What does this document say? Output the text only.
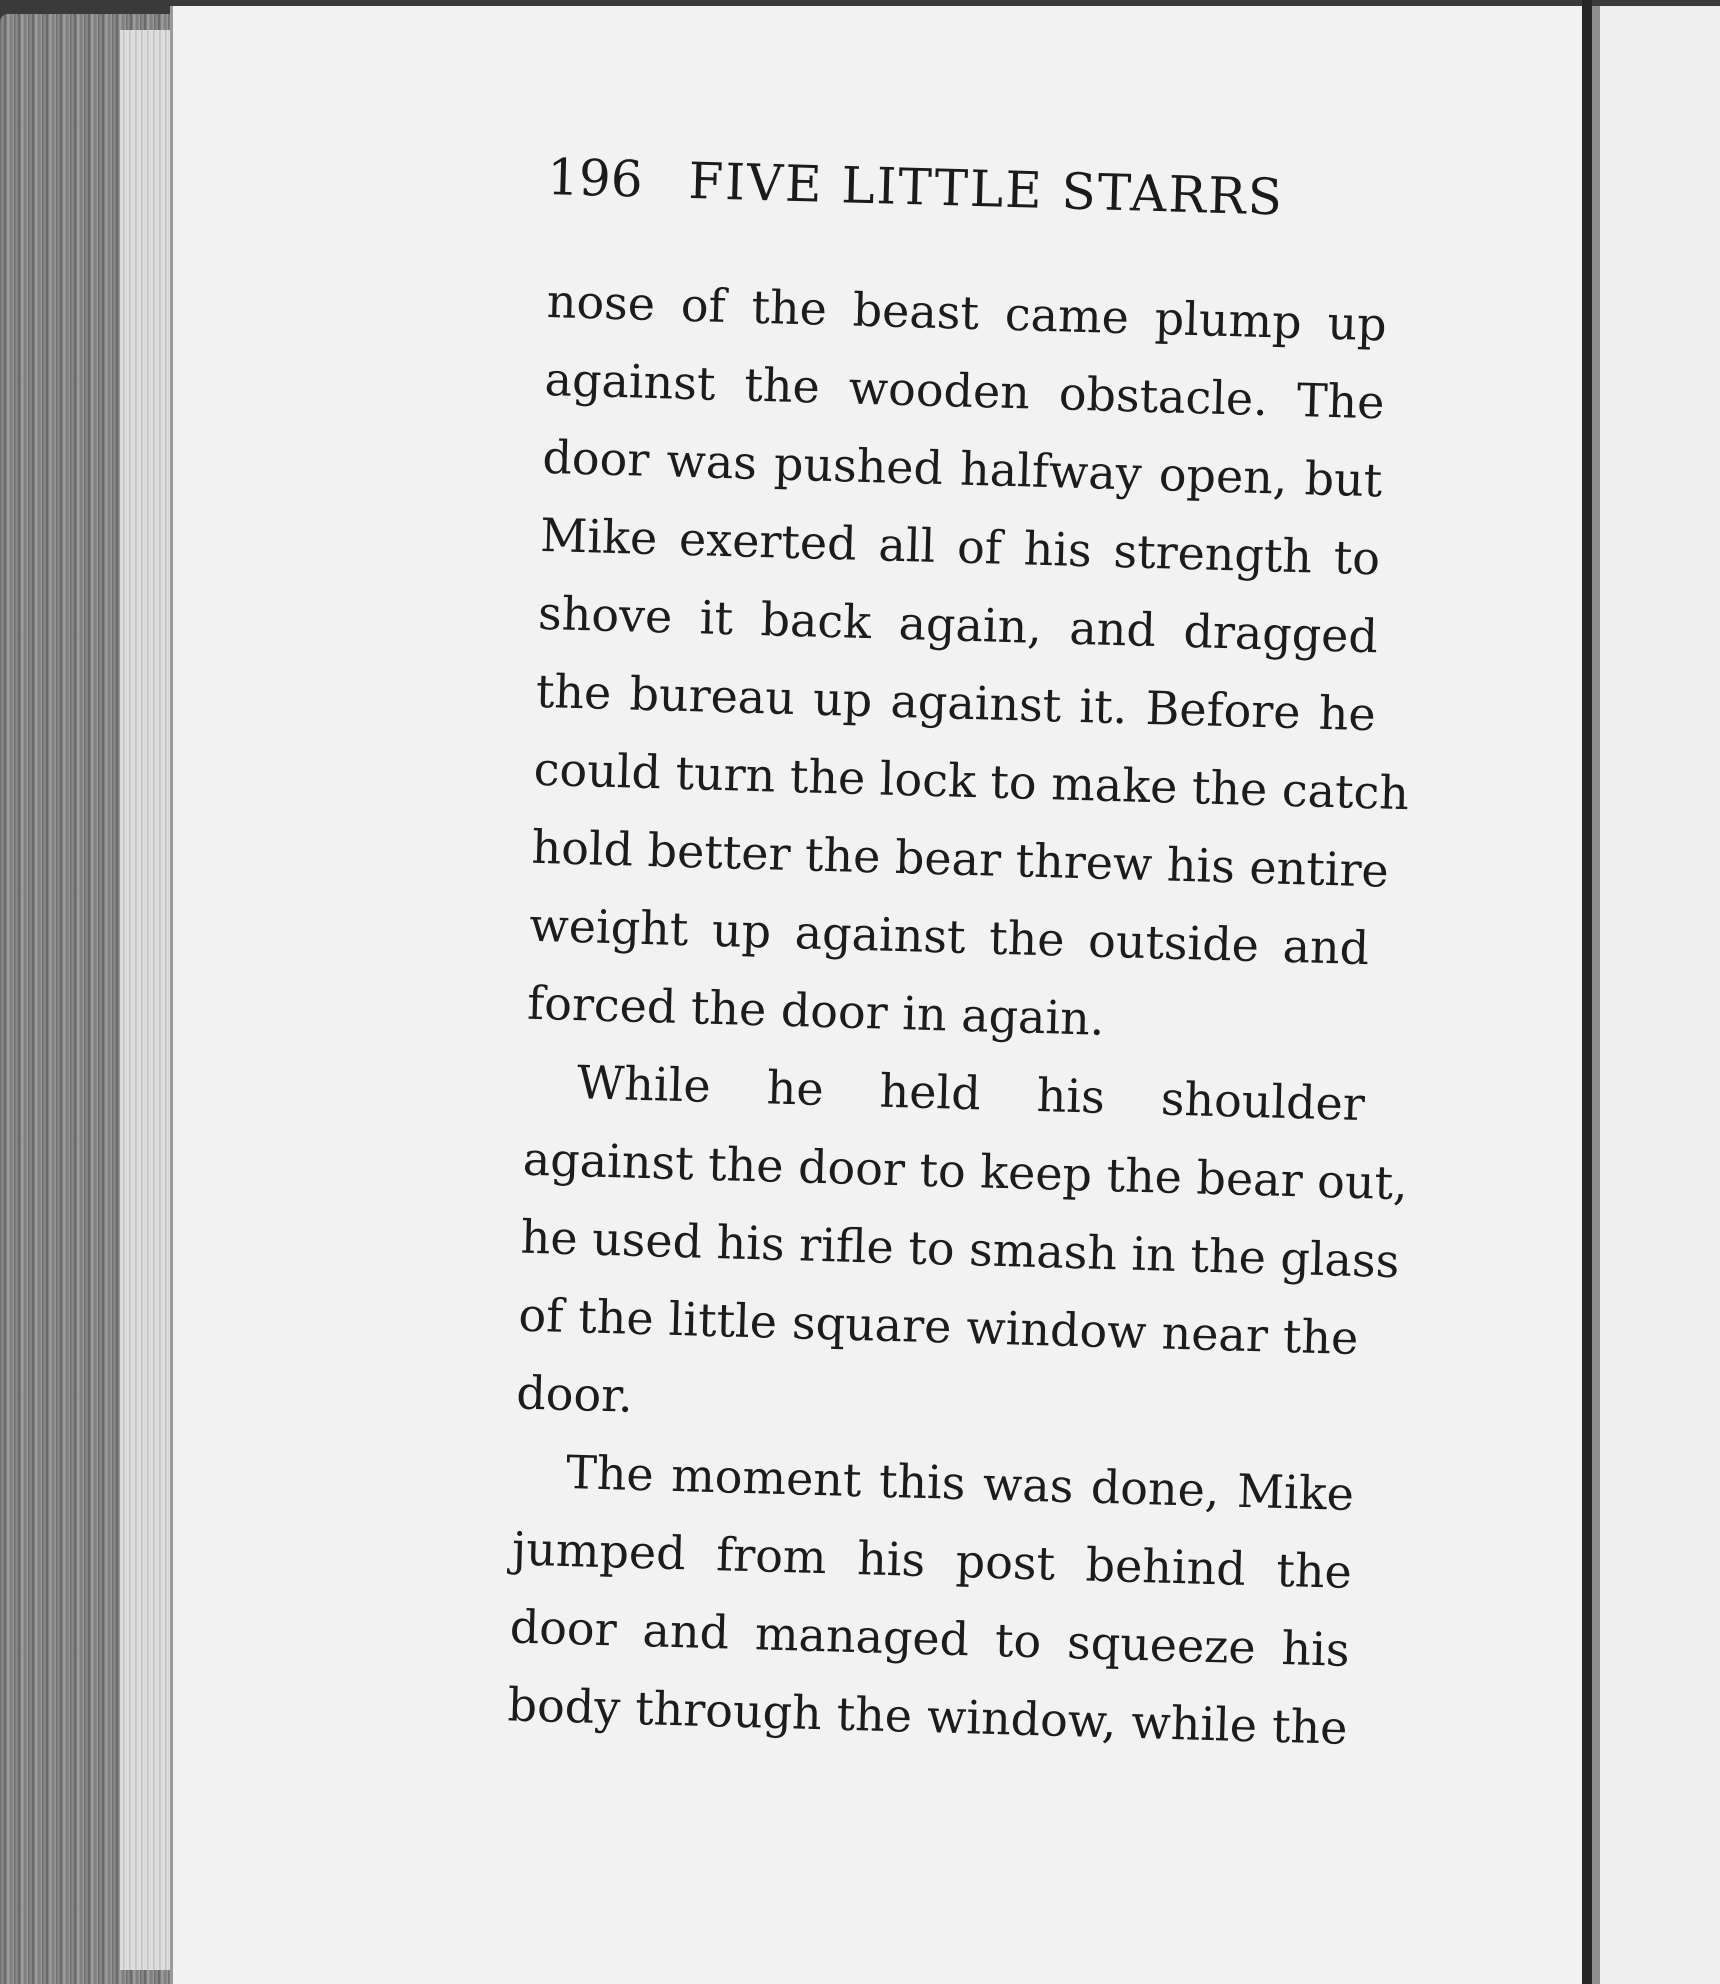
196 FIVE LITTLE STARRS
nose of the beast came plump up
against the wooden obstacle. The
door was pushed halfway open, but
Mike exerted all of his strength to
shove it back again, and dragged
the bureau up against it. Before he
could turn the lock to make the catch
hold better the bear threw his entire
weight up against the outside and
forced the door in again.
While he held his shoulder
against the door to keep the bear out,
he used his rifle to smash in the glass
of the little square window near the
door.
The moment this was done, Mike
jumped from his post behind the
door and managed to squeeze his
body through the window, while the
